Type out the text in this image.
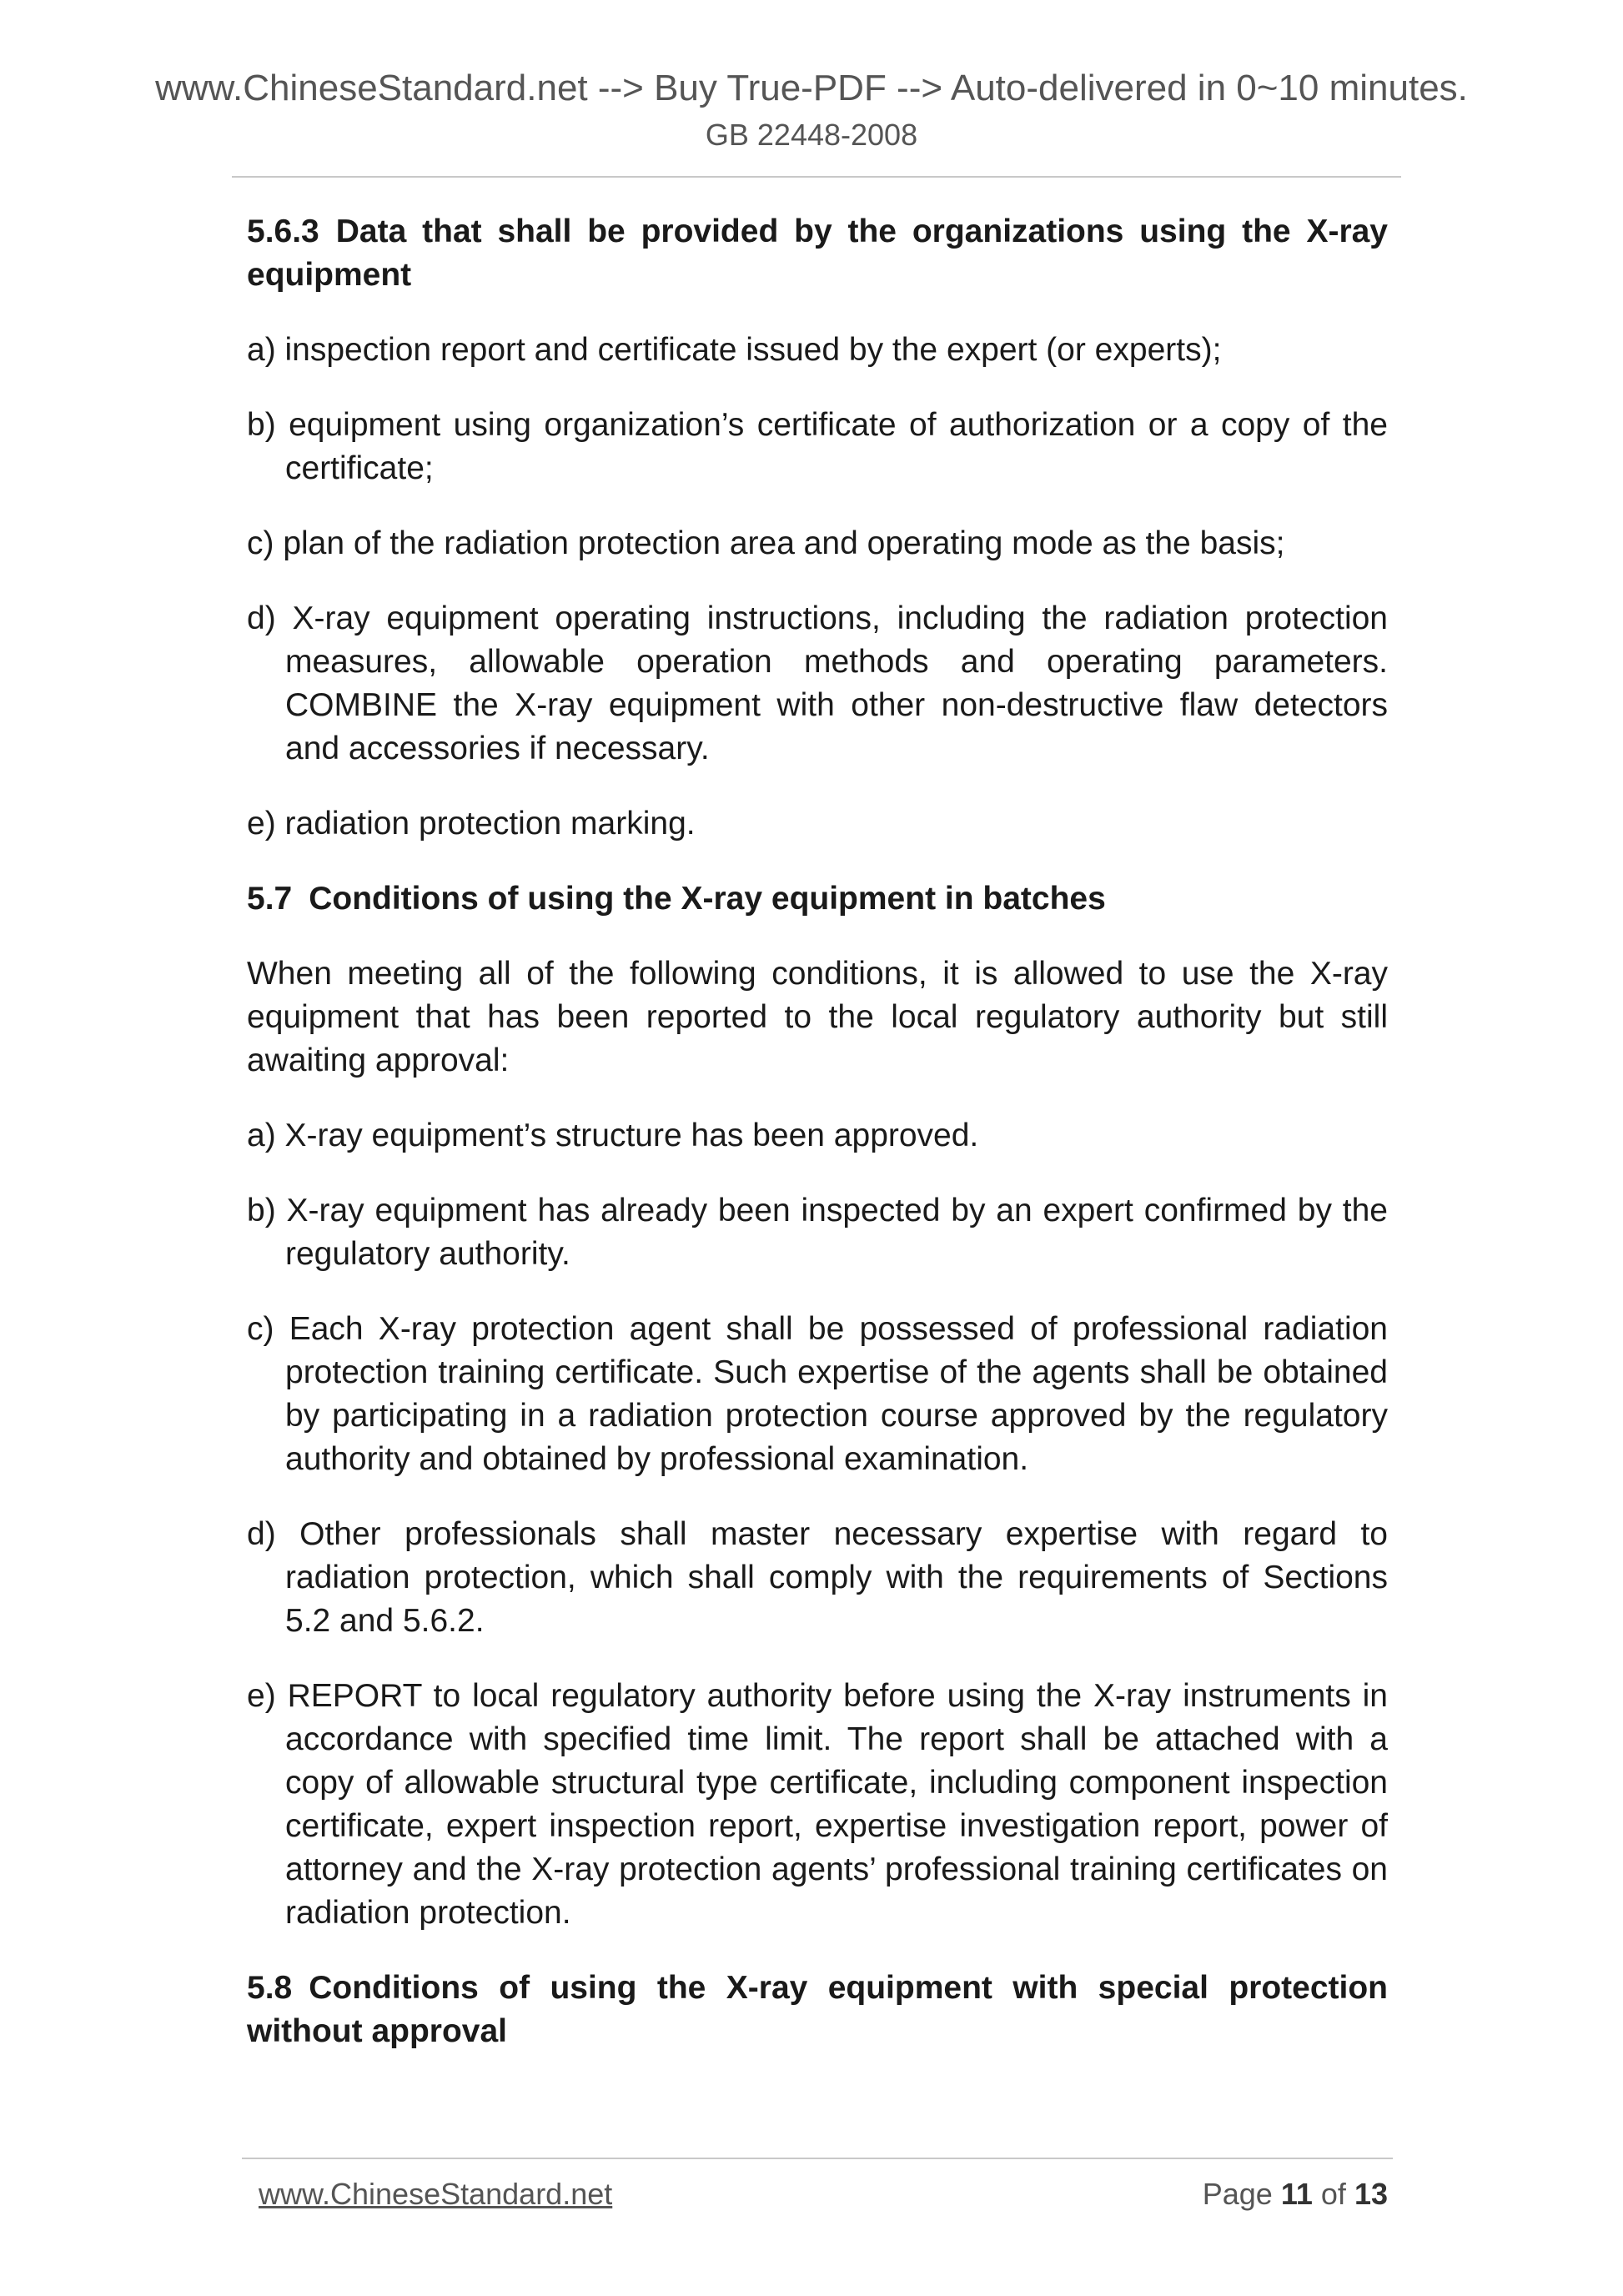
www.ChineseStandard.net --> Buy True-PDF --> Auto-delivered in 0~10 minutes.
GB 22448-2008

5.6.3 Data that shall be provided by the organizations using the X-ray equipment

a) inspection report and certificate issued by the expert (or experts);

b) equipment using organization’s certificate of authorization or a copy of the certificate;

c) plan of the radiation protection area and operating mode as the basis;

d) X-ray equipment operating instructions, including the radiation protection measures, allowable operation methods and operating parameters. COMBINE the X-ray equipment with other non-destructive flaw detectors and accessories if necessary.

e) radiation protection marking.

5.7 Conditions of using the X-ray equipment in batches

When meeting all of the following conditions, it is allowed to use the X-ray equipment that has been reported to the local regulatory authority but still awaiting approval:

a) X-ray equipment’s structure has been approved.

b) X-ray equipment has already been inspected by an expert confirmed by the regulatory authority.

c) Each X-ray protection agent shall be possessed of professional radiation protection training certificate. Such expertise of the agents shall be obtained by participating in a radiation protection course approved by the regulatory authority and obtained by professional examination.

d) Other professionals shall master necessary expertise with regard to radiation protection, which shall comply with the requirements of Sections 5.2 and 5.6.2.

e) REPORT to local regulatory authority before using the X-ray instruments in accordance with specified time limit. The report shall be attached with a copy of allowable structural type certificate, including component inspection certificate, expert inspection report, expertise investigation report, power of attorney and the X-ray protection agents’ professional training certificates on radiation protection.

5.8 Conditions of using the X-ray equipment with special protection without approval

www.ChineseStandard.net	Page 11 of 13
